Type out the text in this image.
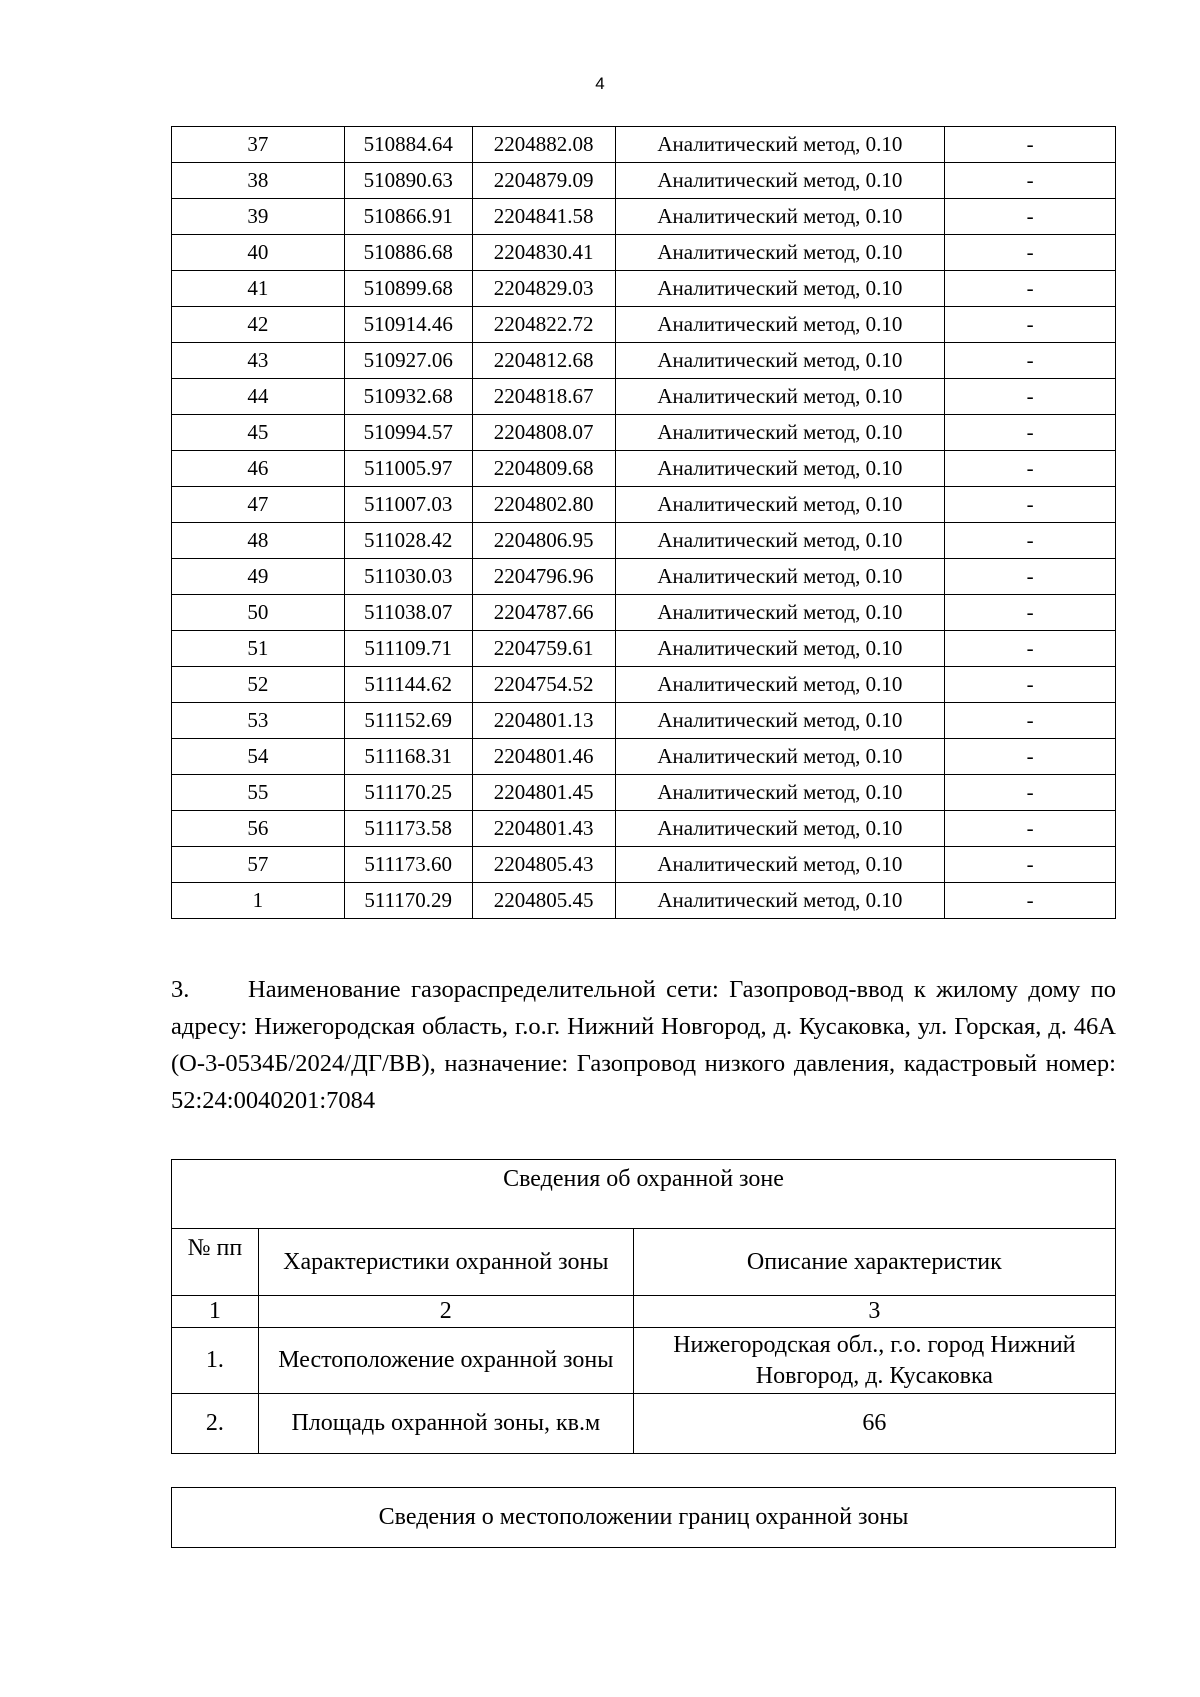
4
37	510884.64	2204882.08	Аналитический метод, 0.10	-
38	510890.63	2204879.09	Аналитический метод, 0.10	-
39	510866.91	2204841.58	Аналитический метод, 0.10	-
40	510886.68	2204830.41	Аналитический метод, 0.10	-
41	510899.68	2204829.03	Аналитический метод, 0.10	-
42	510914.46	2204822.72	Аналитический метод, 0.10	-
43	510927.06	2204812.68	Аналитический метод, 0.10	-
44	510932.68	2204818.67	Аналитический метод, 0.10	-
45	510994.57	2204808.07	Аналитический метод, 0.10	-
46	511005.97	2204809.68	Аналитический метод, 0.10	-
47	511007.03	2204802.80	Аналитический метод, 0.10	-
48	511028.42	2204806.95	Аналитический метод, 0.10	-
49	511030.03	2204796.96	Аналитический метод, 0.10	-
50	511038.07	2204787.66	Аналитический метод, 0.10	-
51	511109.71	2204759.61	Аналитический метод, 0.10	-
52	511144.62	2204754.52	Аналитический метод, 0.10	-
53	511152.69	2204801.13	Аналитический метод, 0.10	-
54	511168.31	2204801.46	Аналитический метод, 0.10	-
55	511170.25	2204801.45	Аналитический метод, 0.10	-
56	511173.58	2204801.43	Аналитический метод, 0.10	-
57	511173.60	2204805.43	Аналитический метод, 0.10	-
1	511170.29	2204805.45	Аналитический метод, 0.10	-

3. Наименование газораспределительной сети: Газопровод-ввод к жилому дому по адресу: Нижегородская область, г.о.г. Нижний Новгород, д. Кусаковка, ул. Горская, д. 46А (О-3-0534Б/2024/ДГ/ВВ), назначение: Газопровод низкого давления, кадастровый номер: 52:24:0040201:7084

Сведения об охранной зоне		
№ пп	Характеристики охранной зоны	Описание характеристик
1	2	3
1.	Местоположение охранной зоны	Нижегородская обл., г.о. город Нижний Новгород, д. Кусаковка
2.	Площадь охранной зоны, кв.м	66
Сведения о местоположении границ охранной зоны
